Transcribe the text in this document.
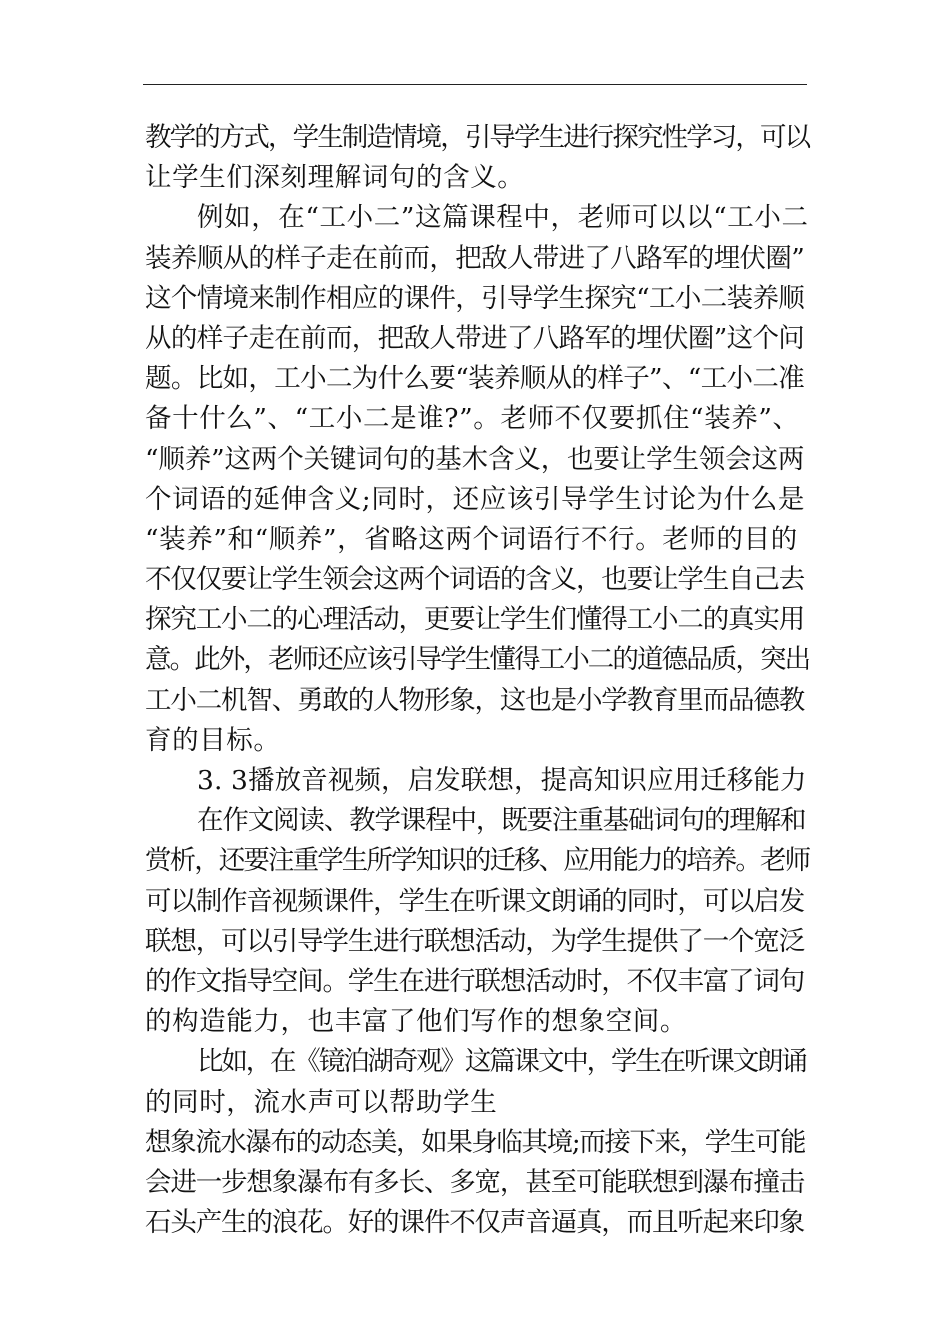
教学的方式，学生制造情境，引导学生进行探究性学习，可以
让学生们深刻理解词句的含义。
例如，在“工小二”这篇课程中，老师可以以“工小二
装养顺从的样子走在前而，把敌人带进了八路军的埋伏圈”
这个情境来制作相应的课件，引导学生探究“工小二装养顺
从的样子走在前而，把敌人带进了八路军的埋伏圈”这个问
题。比如，工小二为什么要“装养顺从的样子”、“工小二准
备十什么”、“工小二是谁?”。老师不仅要抓住“装养”、
“顺养”这两个关键词句的基木含义，也要让学生领会这两
个词语的延伸含义;同时，还应该引导学生讨论为什么是
“装养”和“顺养”，省略这两个词语行不行。老师的目的
不仅仅要让学生领会这两个词语的含义，也要让学生自己去
探究工小二的心理活动，更要让学生们懂得工小二的真实用
意。此外，老师还应该引导学生懂得工小二的道德品质，突出
工小二机智、勇敢的人物形象，这也是小学教育里而品德教
育的目标。
3. 3播放音视频，启发联想，提高知识应用迁移能力
在作文阅读、教学课程中，既要注重基础词句的理解和
赏析，还要注重学生所学知识的迁移、应用能力的培养。老师
可以制作音视频课件，学生在听课文朗诵的同时，可以启发
联想，可以引导学生进行联想活动，为学生提供了一个宽泛
的作文指导空间。学生在进行联想活动时，不仅丰富了词句
的构造能力，也丰富了他们写作的想象空间。
比如，在《镜泊湖奇观》这篇课文中，学生在听课文朗诵
的同时，流水声可以帮助学生
想象流水瀑布的动态美，如果身临其境;而接下来，学生可能
会进一步想象瀑布有多长、多宽，甚至可能联想到瀑布撞击
石头产生的浪花。好的课件不仅声音逼真，而且听起来印象
